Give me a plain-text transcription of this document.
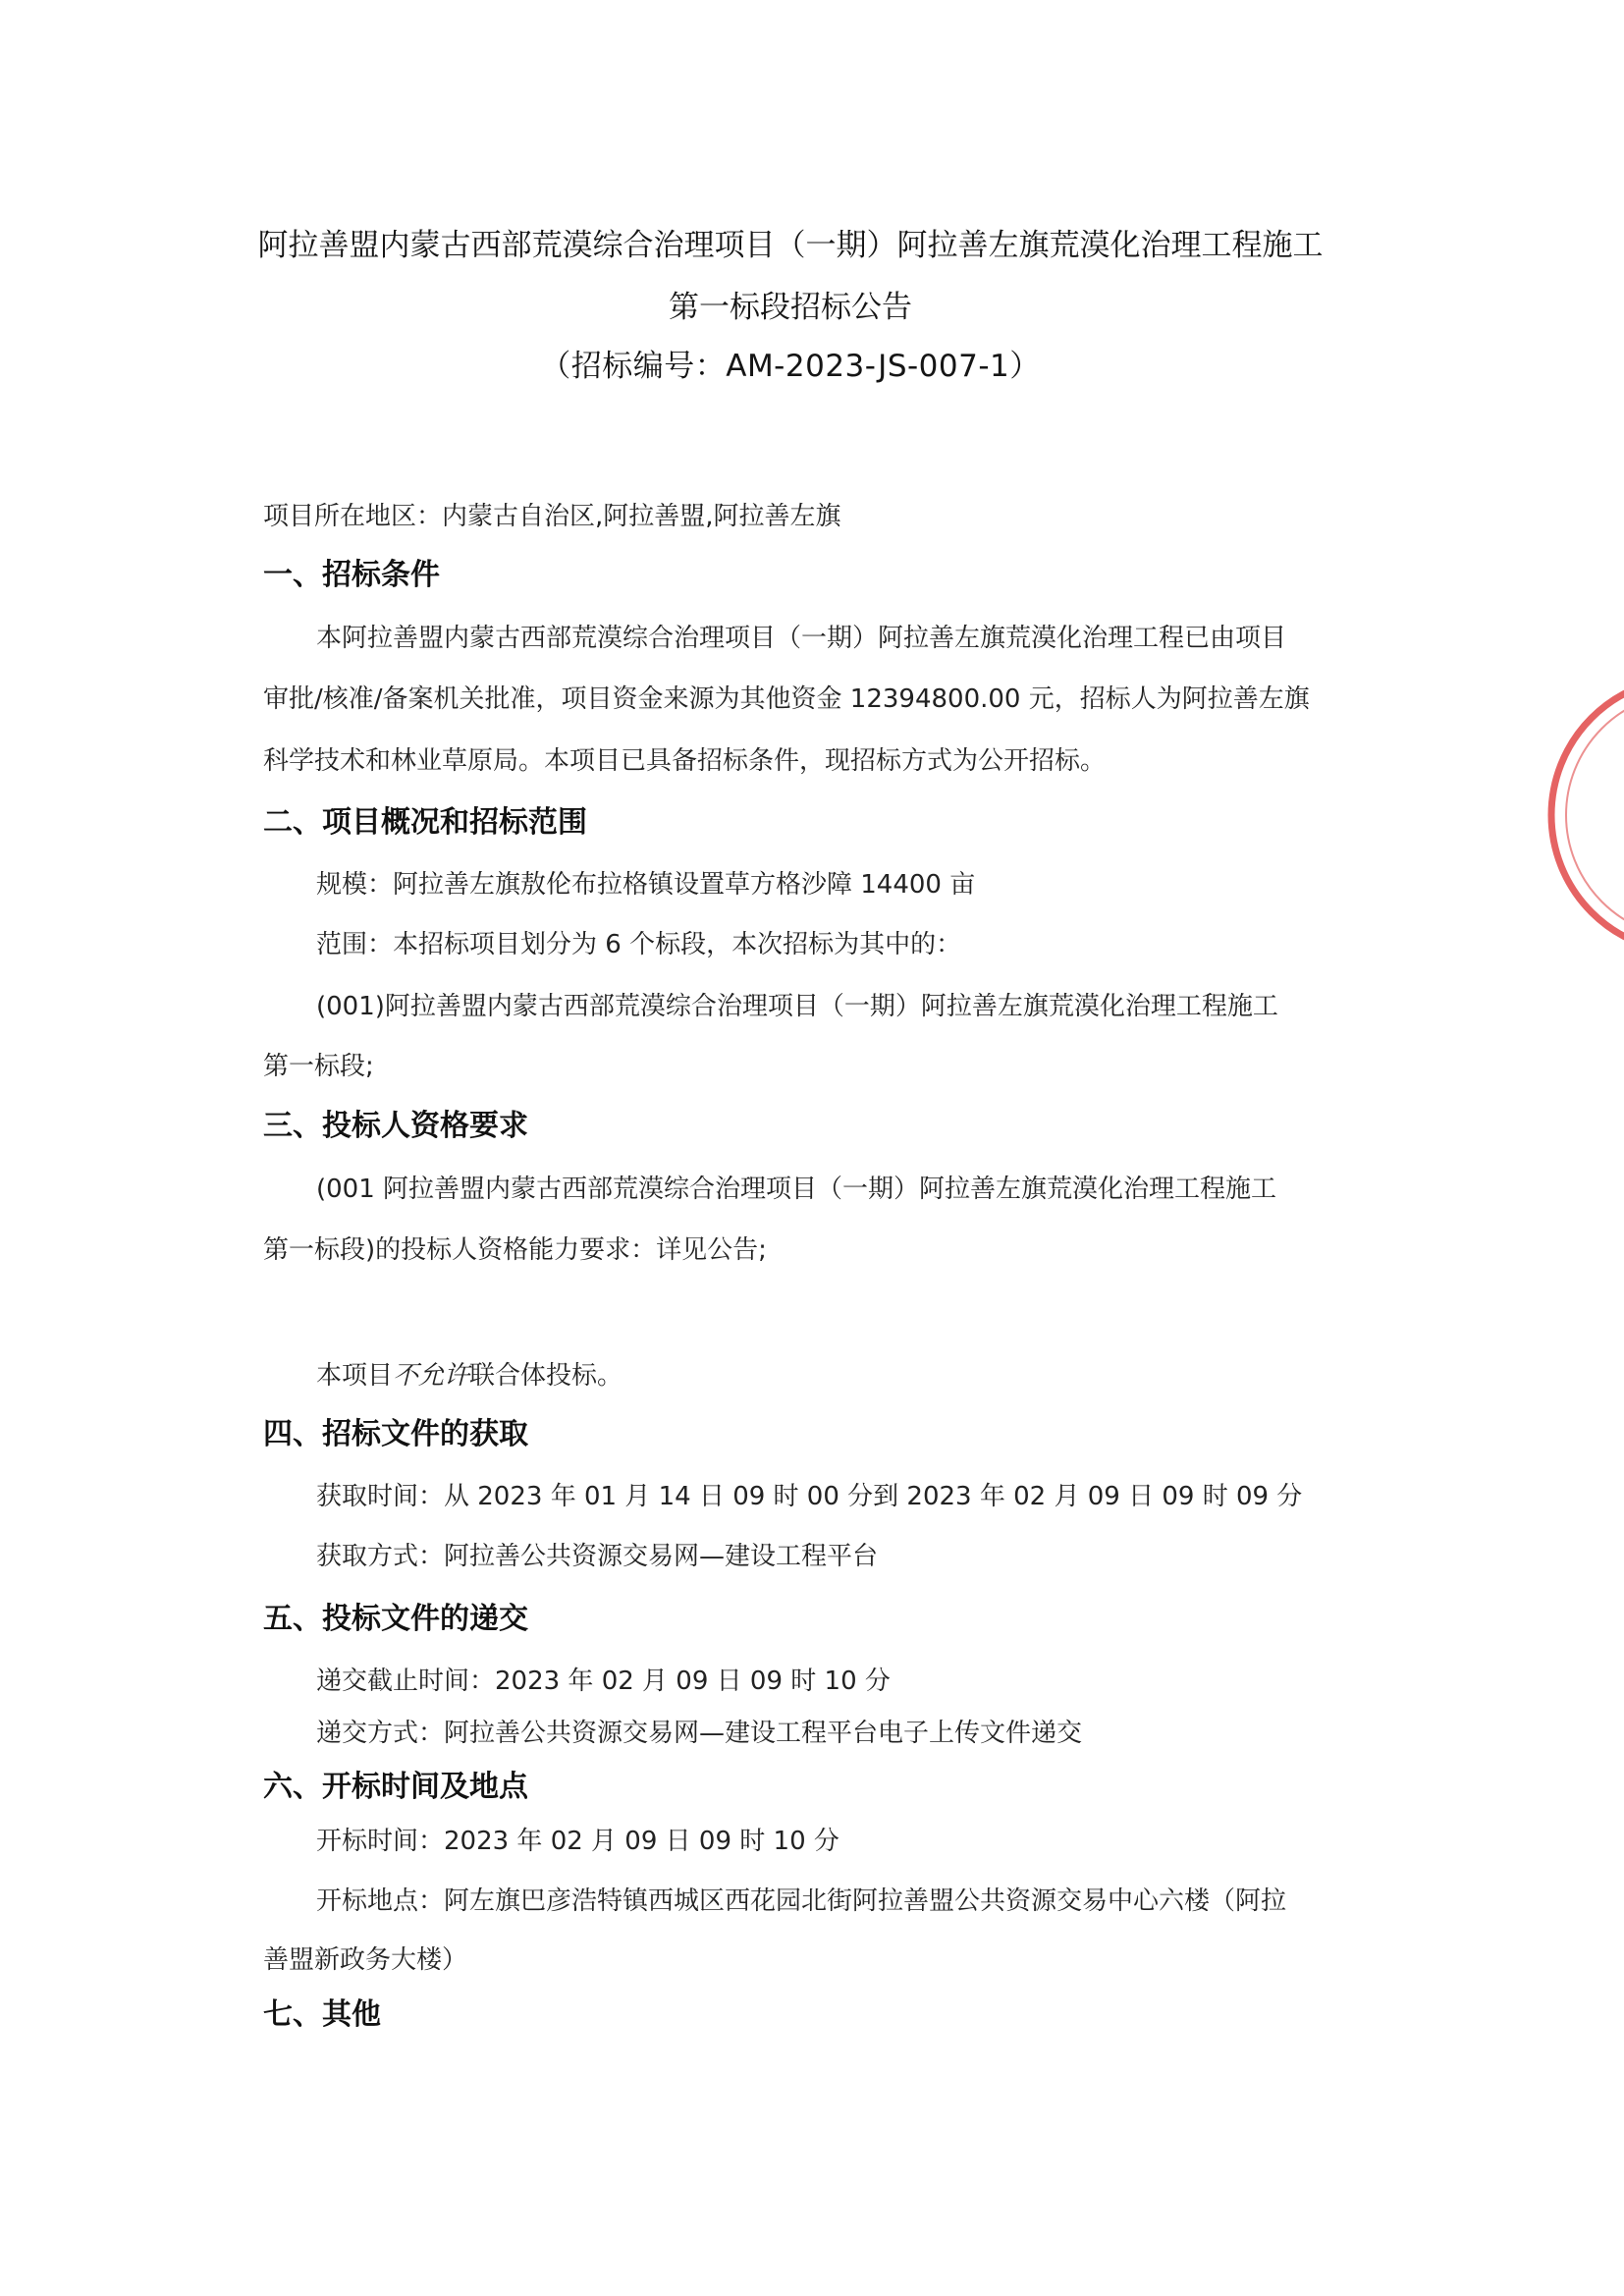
阿拉善盟内蒙古西部荒漠综合治理项目（一期）阿拉善左旗荒漠化治理工程施工
第一标段招标公告
（招标编号：AM-2023-JS-007-1）
项目所在地区：内蒙古自治区,阿拉善盟,阿拉善左旗
一、招标条件
本阿拉善盟内蒙古西部荒漠综合治理项目（一期）阿拉善左旗荒漠化治理工程已由项目
审批/核准/备案机关批准，项目资金来源为其他资金 12394800.00 元，招标人为阿拉善左旗
科学技术和林业草原局。本项目已具备招标条件，现招标方式为公开招标。
二、项目概况和招标范围
规模：阿拉善左旗敖伦布拉格镇设置草方格沙障 14400 亩
范围：本招标项目划分为 6 个标段，本次招标为其中的：
(001)阿拉善盟内蒙古西部荒漠综合治理项目（一期）阿拉善左旗荒漠化治理工程施工
第一标段;
三、投标人资格要求
(001 阿拉善盟内蒙古西部荒漠综合治理项目（一期）阿拉善左旗荒漠化治理工程施工
第一标段)的投标人资格能力要求：详见公告;
本项目不允许联合体投标。
四、招标文件的获取
获取时间：从 2023 年 01 月 14 日 09 时 00 分到 2023 年 02 月 09 日 09 时 09 分
获取方式：阿拉善公共资源交易网—建设工程平台
五、投标文件的递交
递交截止时间：2023 年 02 月 09 日 09 时 10 分
递交方式：阿拉善公共资源交易网—建设工程平台电子上传文件递交
六、开标时间及地点
开标时间：2023 年 02 月 09 日 09 时 10 分
开标地点：阿左旗巴彦浩特镇西城区西花园北街阿拉善盟公共资源交易中心六楼（阿拉
善盟新政务大楼）
七、其他
